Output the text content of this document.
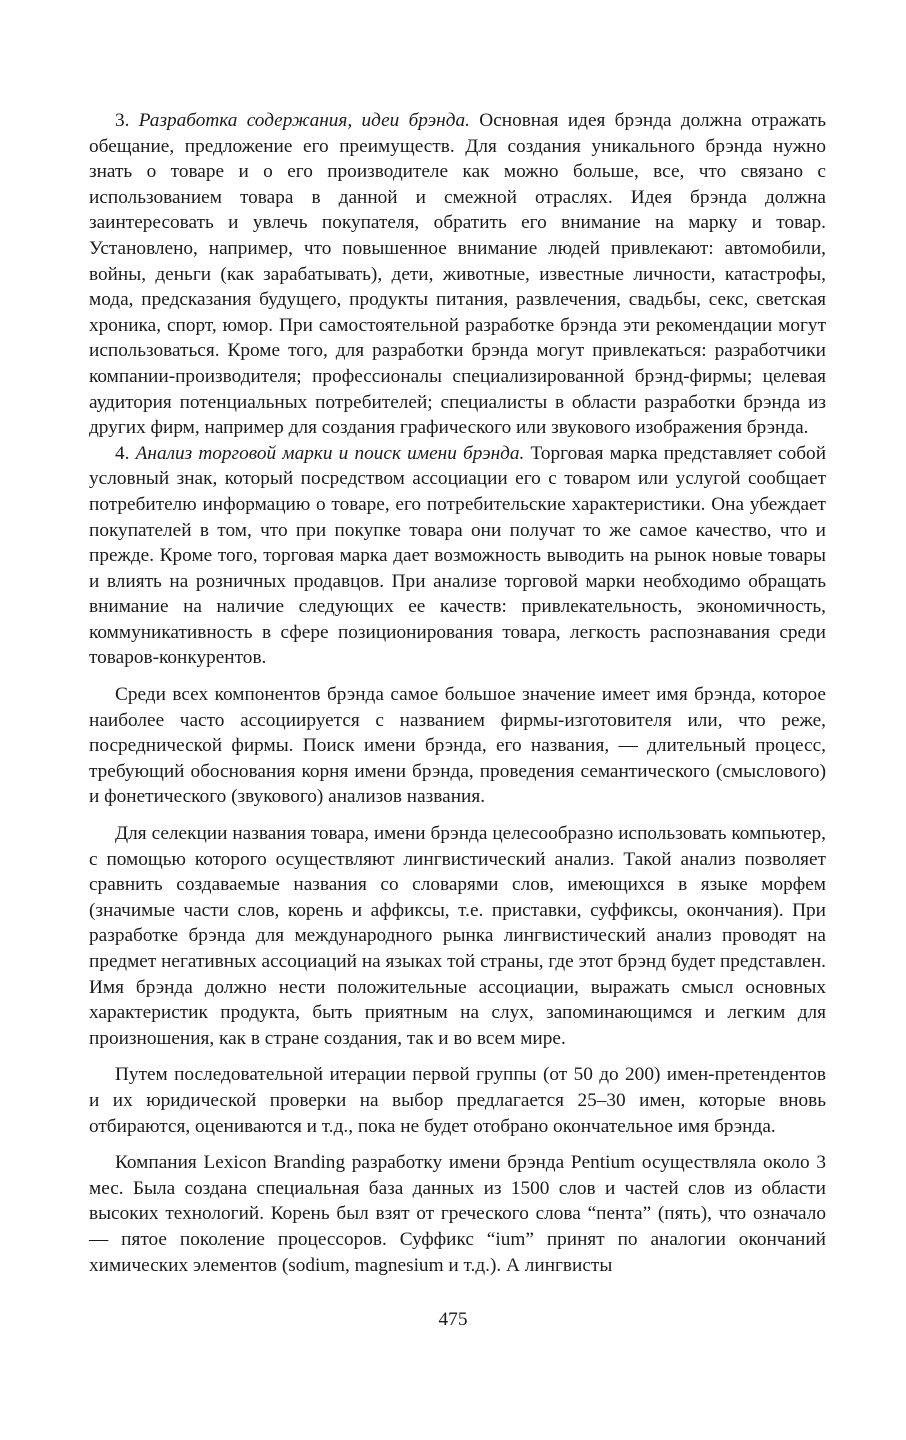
3. Разработка содержания, идеи брэнда. Основная идея брэнда должна отражать обещание, предложение его преимуществ. Для создания уникального брэнда нужно знать о товаре и о его производителе как можно больше, все, что связано с использованием товара в данной и смежной отраслях. Идея брэнда должна заинтересовать и увлечь покупателя, обратить его внимание на марку и товар. Установлено, например, что повышенное внимание людей привлекают: автомобили, войны, деньги (как зарабатывать), дети, животные, известные личности, катастрофы, мода, предсказания будущего, продукты питания, развлечения, свадьбы, секс, светская хроника, спорт, юмор. При самостоятельной разработке брэнда эти рекомендации могут использоваться. Кроме того, для разработки брэнда могут привлекаться: разработчики компании-производителя; профессионалы специализированной брэнд-фирмы; целевая аудитория потенциальных потребителей; специалисты в области разработки брэнда из других фирм, например для создания графического или звукового изображения брэнда.

4. Анализ торговой марки и поиск имени брэнда. Торговая марка представляет собой условный знак, который посредством ассоциации его с товаром или услугой сообщает потребителю информацию о товаре, его потребительские характеристики. Она убеждает покупателей в том, что при покупке товара они получат то же самое качество, что и прежде. Кроме того, торговая марка дает возможность выводить на рынок новые товары и влиять на розничных продавцов. При анализе торговой марки необходимо обращать внимание на наличие следующих ее качеств: привлекательность, экономичность, коммуникативность в сфере позиционирования товара, легкость распознавания среди товаров-конкурентов.

Среди всех компонентов брэнда самое большое значение имеет имя брэнда, которое наиболее часто ассоциируется с названием фирмы-изготовителя или, что реже, посреднической фирмы. Поиск имени брэнда, его названия, — длительный процесс, требующий обоснования корня имени брэнда, проведения семантического (смыслового) и фонетического (звукового) анализов названия.

Для селекции названия товара, имени брэнда целесообразно использовать компьютер, с помощью которого осуществляют лингвистический анализ. Такой анализ позволяет сравнить создаваемые названия со словарями слов, имеющихся в языке морфем (значимые части слов, корень и аффиксы, т.е. приставки, суффиксы, окончания). При разработке брэнда для международного рынка лингвистический анализ проводят на предмет негативных ассоциаций на языках той страны, где этот брэнд будет представлен. Имя брэнда должно нести положительные ассоциации, выражать смысл основных характеристик продукта, быть приятным на слух, запоминающимся и легким для произношения, как в стране создания, так и во всем мире.

Путем последовательной итерации первой группы (от 50 до 200) имен-претендентов и их юридической проверки на выбор предлагается 25–30 имен, которые вновь отбираются, оцениваются и т.д., пока не будет отобрано окончательное имя брэнда.

Компания Lexicon Branding разработку имени брэнда Pentium осуществляла около 3 мес. Была создана специальная база данных из 1500 слов и частей слов из области высоких технологий. Корень был взят от греческого слова “пента” (пять), что означало — пятое поколение процессоров. Суффикс “ium” принят по аналогии окончаний химических элементов (sodium, magnesium и т.д.). А лингвисты

475
